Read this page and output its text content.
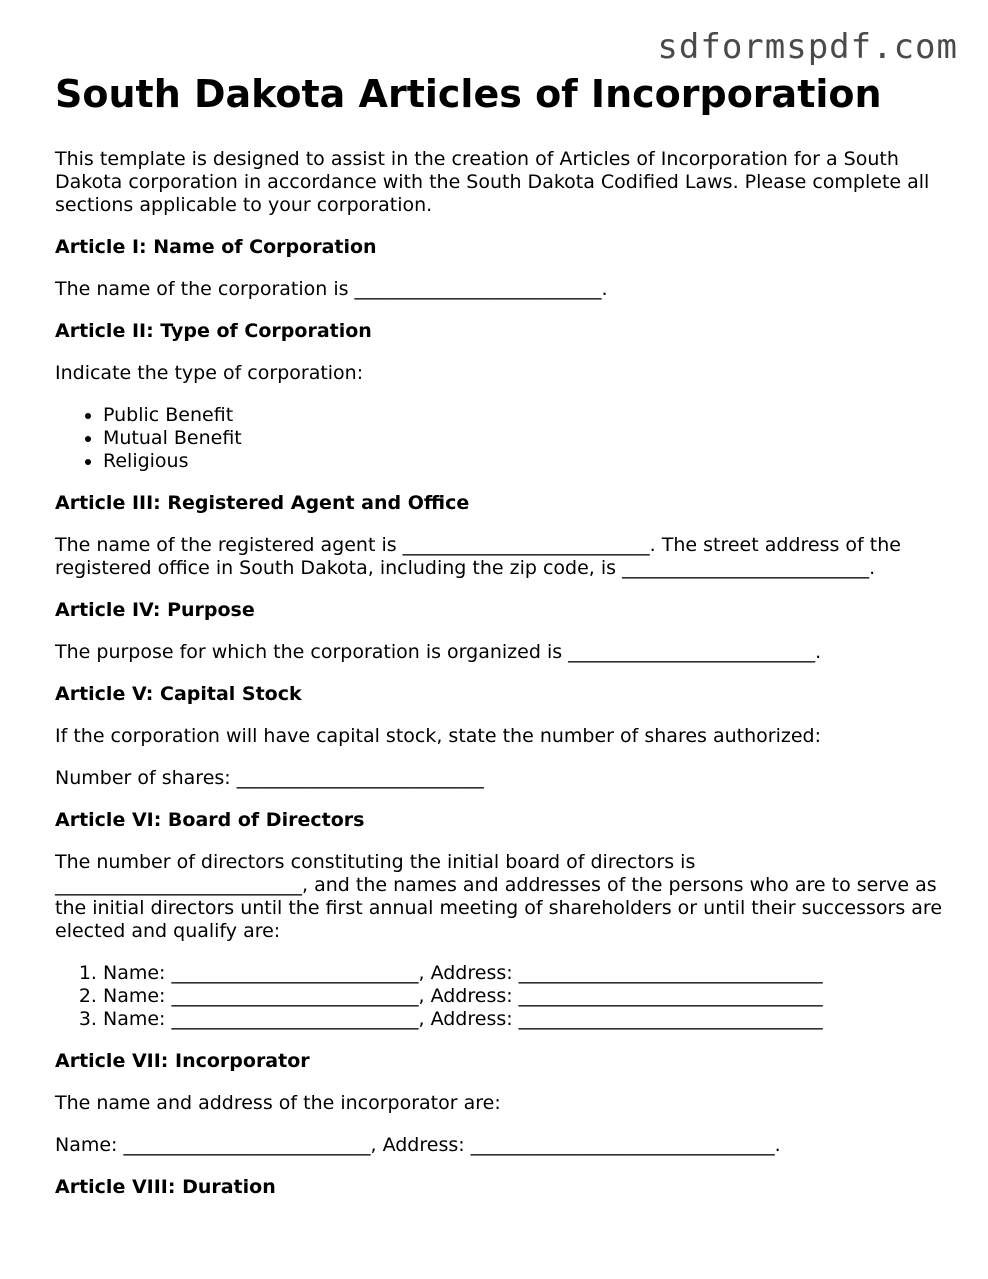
sdformspdf.com
South Dakota Articles of Incorporation

This template is designed to assist in the creation of Articles of Incorporation for a South Dakota corporation in accordance with the South Dakota Codified Laws. Please complete all sections applicable to your corporation.

Article I: Name of Corporation

The name of the corporation is __________________________.

Article II: Type of Corporation

Indicate the type of corporation:

• Public Benefit
• Mutual Benefit
• Religious
Article III: Registered Agent and Office

The name of the registered agent is __________________________. The street address of the registered office in South Dakota, including the zip code, is __________________________.

Article IV: Purpose

The purpose for which the corporation is organized is __________________________.

Article V: Capital Stock

If the corporation will have capital stock, state the number of shares authorized:

Number of shares: __________________________

Article VI: Board of Directors

The number of directors constituting the initial board of directors is __________________________, and the names and addresses of the persons who are to serve as the initial directors until the first annual meeting of shareholders or until their successors are elected and qualify are:

1. Name: __________________________, Address: ________________________________
2. Name: __________________________, Address: ________________________________
3. Name: __________________________, Address: ________________________________
Article VII: Incorporator

The name and address of the incorporator are:

Name: __________________________, Address: ________________________________.

Article VIII: Duration
